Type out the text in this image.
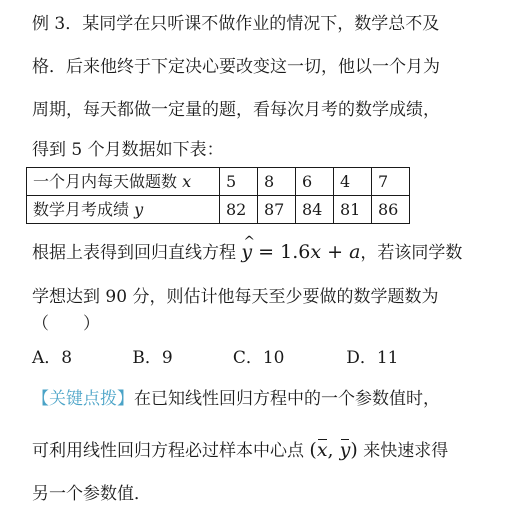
例 3．某同学在只听课不做作业的情况下，数学总不及
格．后来他终于下定决心要改变这一切，他以一个月为
周期，每天都做一定量的题，看每次月考的数学成绩，
得到 5 个月数据如下表：
一个月内每天做题数 x	5	8	6	4	7
数学月考成绩 y	82	87	84	81	86
根据上表得到回归直线方程 ^ y = 1.6x + a，若该同学数
学想达到 90 分，则估计他每天至少要做的数学题数为
（　　）
A．8	B．9	C．10	D．11
【关键点拨】在已知线性回归方程中的一个参数值时，
可利用线性回归方程必过样本中心点 (x, y) 来快速求得
另一个参数值．
